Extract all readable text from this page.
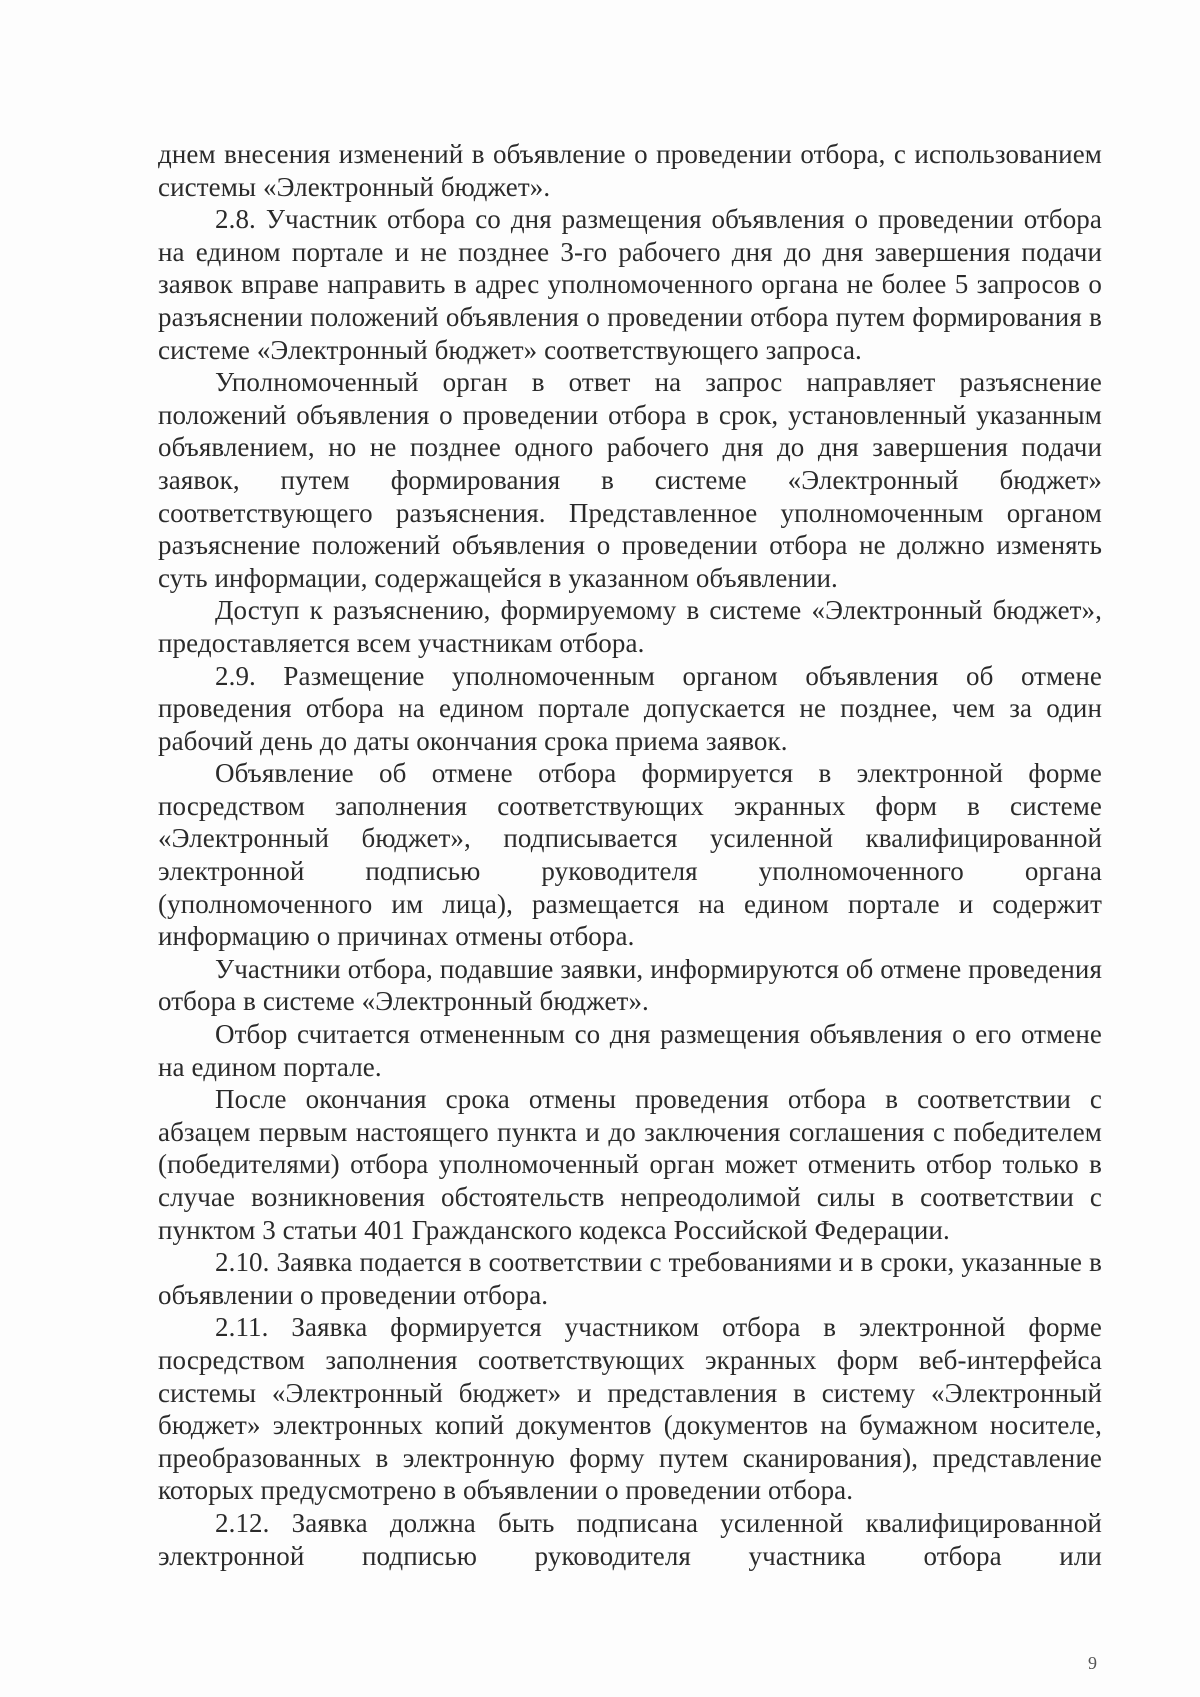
днем внесения изменений в объявление о проведении отбора, с использованием системы «Электронный бюджет».

2.8. Участник отбора со дня размещения объявления о проведении отбора на едином портале и не позднее 3-го рабочего дня до дня завершения подачи заявок вправе направить в адрес уполномоченного органа не более 5 запросов о разъяснении положений объявления о проведении отбора путем формирования в системе «Электронный бюджет» соответствующего запроса.

Уполномоченный орган в ответ на запрос направляет разъяснение положений объявления о проведении отбора в срок, установленный указанным объявлением, но не позднее одного рабочего дня до дня завершения подачи заявок, путем формирования в системе «Электронный бюджет» соответствующего разъяснения. Представленное уполномоченным органом разъяснение положений объявления о проведении отбора не должно изменять суть информации, содержащейся в указанном объявлении.

Доступ к разъяснению, формируемому в системе «Электронный бюджет», предоставляется всем участникам отбора.

2.9. Размещение уполномоченным органом объявления об отмене проведения отбора на едином портале допускается не позднее, чем за один рабочий день до даты окончания срока приема заявок.

Объявление об отмене отбора формируется в электронной форме посредством заполнения соответствующих экранных форм в системе «Электронный бюджет», подписывается усиленной квалифицированной электронной подписью руководителя уполномоченного органа (уполномоченного им лица), размещается на едином портале и содержит информацию о причинах отмены отбора.

Участники отбора, подавшие заявки, информируются об отмене проведения отбора в системе «Электронный бюджет».

Отбор считается отмененным со дня размещения объявления о его отмене на едином портале.

После окончания срока отмены проведения отбора в соответствии с абзацем первым настоящего пункта и до заключения соглашения с победителем (победителями) отбора уполномоченный орган может отменить отбор только в случае возникновения обстоятельств непреодолимой силы в соответствии с пунктом 3 статьи 401 Гражданского кодекса Российской Федерации.

2.10. Заявка подается в соответствии с требованиями и в сроки, указанные в объявлении о проведении отбора.

2.11. Заявка формируется участником отбора в электронной форме посредством заполнения соответствующих экранных форм веб-интерфейса системы «Электронный бюджет» и представления в систему «Электронный бюджет» электронных копий документов (документов на бумажном носителе, преобразованных в электронную форму путем сканирования), представление которых предусмотрено в объявлении о проведении отбора.

2.12. Заявка должна быть подписана усиленной квалифицированной электронной подписью руководителя участника отбора или

9
